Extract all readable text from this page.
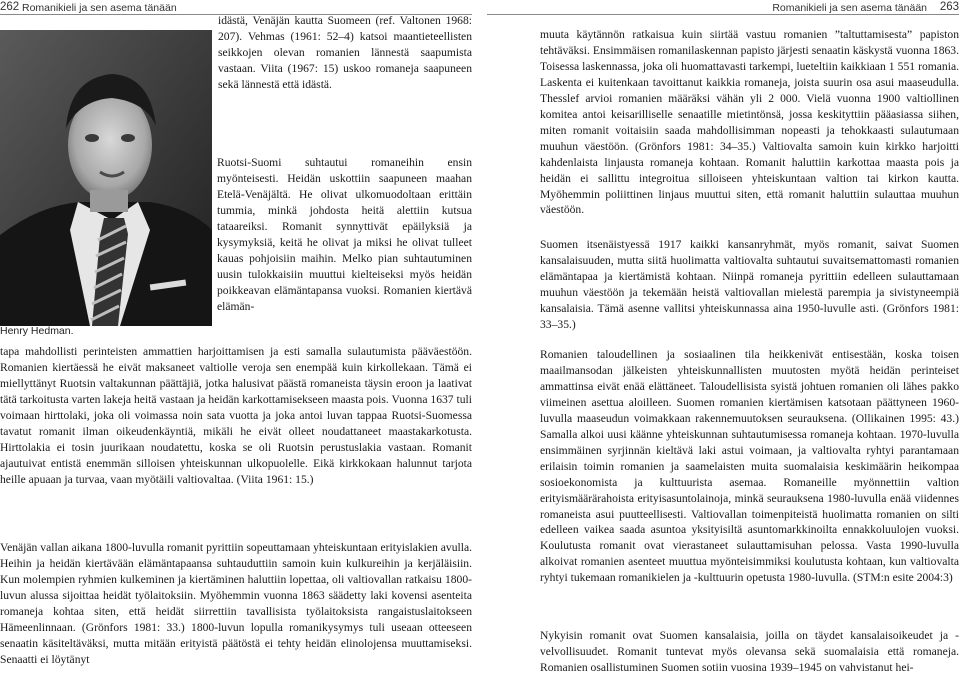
262 Romanikieli ja sen asema tänään
Henry Hedman.

idästä, Venäjän kautta Suomeen (ref. Valtonen 1968: 207). Vehmas (1961: 52–4) katsoi maantieteellisten seikkojen olevan romanien lännestä saapumista vastaan. Viita (1967: 15) uskoo romaneja saapuneen sekä lännestä että idästä.

Ruotsi-Suomi suhtautui romaneihin ensin myönteisesti. Heidän uskottiin saapuneen maahan Etelä-Venäjältä. He olivat ulkomuodoltaan erittäin tummia, minkä johdosta heitä alettiin kutsua tataareiksi. Romanit synnyttivät epäilyksiä ja kysymyksiä, keitä he olivat ja miksi he olivat tulleet kauas pohjoisiin maihin. Melko pian suhtautuminen uusin tulokkaisiin muuttui kielteiseksi myös heidän poikkeavan elämäntapansa vuoksi. Romanien kiertävä elämän-

tapa mahdollisti perinteisten ammattien harjoittamisen ja esti samalla sulautumista pääväestöön. Romanien kiertäessä he eivät maksaneet valtiolle veroja sen enempää kuin kirkollekaan. Tämä ei miellyttänyt Ruotsin valtakunnan päättäjiä, jotka halusivat päästä romaneista täysin eroon ja laativat tätä tarkoitusta varten lakeja heitä vastaan ja heidän karkottamisekseen maasta pois. Vuonna 1637 tuli voimaan hirttolaki, joka oli voimassa noin sata vuotta ja joka antoi luvan tappaa Ruotsi-Suomessa tavatut romanit ilman oikeudenkäyntiä, mikäli he eivät olleet noudattaneet maastakarkotusta. Hirttolakia ei tosin juurikaan noudatettu, koska se oli Ruotsin perustuslakia vastaan. Romanit ajautuivat entistä enemmän silloisen yhteiskunnan ulkopuolelle. Eikä kirkkokaan halunnut tarjota heille apuaan ja turvaa, vaan myötäili valtiovaltaa. (Viita 1961: 15.)

Venäjän vallan aikana 1800-luvulla romanit pyrittiin sopeuttamaan yhteiskuntaan erityislakien avulla. Heihin ja heidän kiertävään elämäntapaansa suhtauduttiin samoin kuin kulkureihin ja kerjäläisiin. Kun molempien ryhmien kulkeminen ja kiertäminen haluttiin lopettaa, oli valtiovallan ratkaisu 1800-luvun alussa sijoittaa heidät työlaitoksiin. Myöhemmin vuonna 1863 säädetty laki kovensi asenteita romaneja kohtaa siten, että heidät siirrettiin tavallisista työlaitoksista rangaistuslaitokseen Hämeenlinnaan. (Grönfors 1981: 33.) 1800-luvun lopulla romanikysymys tuli useaan otteeseen senaatin käsiteltäväksi, mutta mitään erityistä päätöstä ei tehty heidän elinolojensa muuttamiseksi. Senaatti ei löytänyt

Romanikieli ja sen asema tänään 263

muuta käytännön ratkaisua kuin siirtää vastuu romanien ”taltuttamisesta” papiston tehtäväksi. Ensimmäisen romanilaskennan papisto järjesti senaatin käskystä vuonna 1863. Toisessa laskennassa, joka oli huomattavasti tarkempi, lueteltiin kaikkiaan 1 551 romania. Laskenta ei kuitenkaan tavoittanut kaikkia romaneja, joista suurin osa asui maaseudulla. Thesslef arvioi romanien määräksi vähän yli 2 000. Vielä vuonna 1900 valtiollinen komitea antoi keisarilliselle senaatille mietintönsä, jossa keskityttiin pääasiassa siihen, miten romanit voitaisiin saada mahdollisimman nopeasti ja tehokkaasti sulautumaan muuhun väestöön. (Grönfors 1981: 34–35.) Valtiovalta samoin kuin kirkko harjoitti kahdenlaista linjausta romaneja kohtaan. Romanit haluttiin karkottaa maasta pois ja heidän ei sallittu integroitua silloiseen yhteiskuntaan valtion tai kirkon kautta. Myöhemmin poliittinen linjaus muuttui siten, että romanit haluttiin sulauttaa muuhun väestöön.

Suomen itsenäistyessä 1917 kaikki kansanryhmät, myös romanit, saivat Suomen kansalaisuuden, mutta siitä huolimatta valtiovalta suhtautui suvaitsemattomasti romanien elämäntapaa ja kiertämistä kohtaan. Niinpä romaneja pyrittiin edelleen sulauttamaan muuhun väestöön ja tekemään heistä valtiovallan mielestä parempia ja sivistyneempiä kansalaisia. Tämä asenne vallitsi yhteiskunnassa aina 1950-luvulle asti. (Grönfors 1981: 33–35.)

Romanien taloudellinen ja sosiaalinen tila heikkenivät entisestään, koska toisen maailmansodan jälkeisten yhteiskunnallisten muutosten myötä heidän perinteiset ammattinsa eivät enää elättäneet. Taloudellisista syistä johtuen romanien oli lähes pakko viimeinen asettua aloilleen. Suomen romanien kiertämisen katsotaan päättyneen 1960-luvulla maaseudun voimakkaan rakennemuutoksen seurauksena. (Ollikainen 1995: 43.) Samalla alkoi uusi käänne yhteiskunnan suhtautumisessa romaneja kohtaan. 1970-luvulla ensimmäinen syrjinnän kieltävä laki astui voimaan, ja valtiovalta ryhtyi parantamaan erilaisin toimin romanien ja saamelaisten muita suomalaisia keskimäärin heikompaa sosioekonomista ja kulttuurista asemaa. Romaneille myönnettiin valtion erityismäärärahoista erityisasuntolainoja, minkä seurauksena 1980-luvulla enää viidennes romaneista asui puutteellisesti. Valtiovallan toimenpiteistä huolimatta romanien on silti edelleen vaikea saada asuntoa yksityisiltä asuntomarkkinoilta ennakkoluulojen vuoksi. Koulutusta romanit ovat vierastaneet sulauttamisuhan pelossa. Vasta 1990-luvulla alkoivat romanien asenteet muuttua myönteisimmiksi koulutusta kohtaan, kun valtiovalta ryhtyi tukemaan romanikielen ja -kulttuurin opetusta 1980-luvulla. (STM:n esite 2004:3)

Nykyisin romanit ovat Suomen kansalaisia, joilla on täydet kansalaisoikeudet ja -velvollisuudet. Romanit tuntevat myös olevansa sekä suomalaisia että romaneja. Romanien osallistuminen Suomen sotiin vuosina 1939–1945 on vahvistanut hei-
